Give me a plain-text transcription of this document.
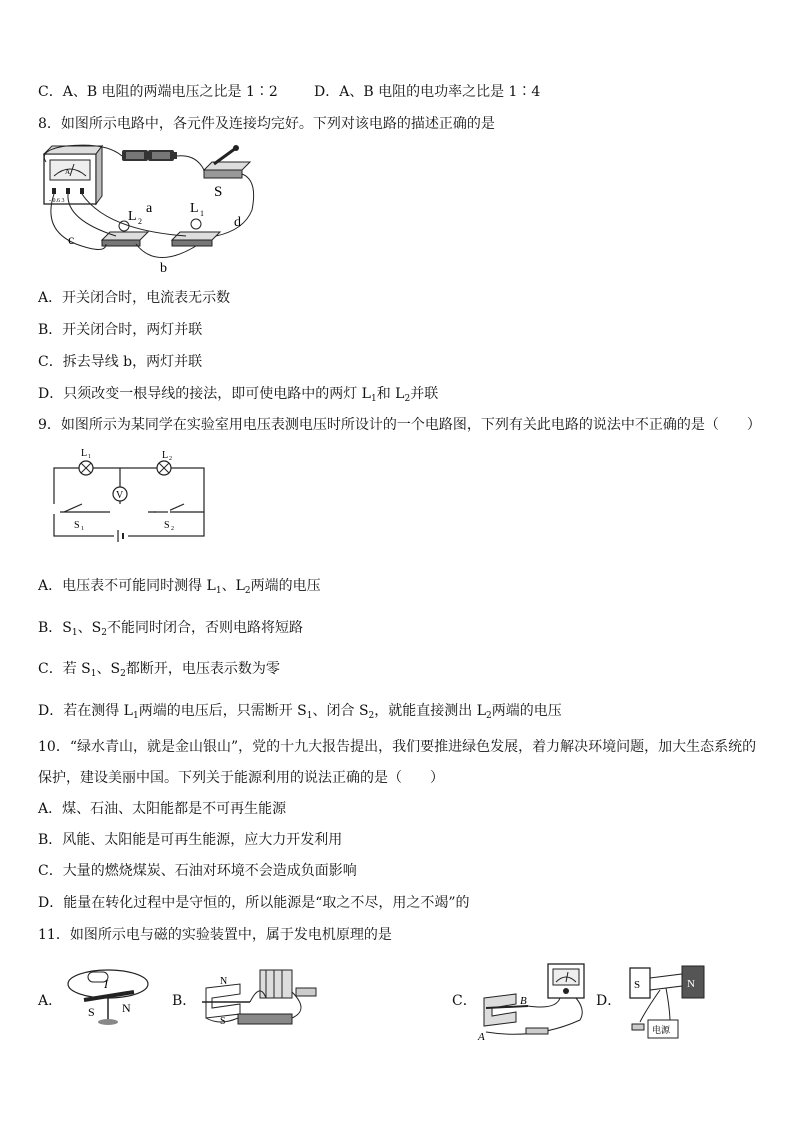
C．A、B 电阻的两端电压之比是 1∶2	D．A、B 电阻的电功率之比是 1∶4
8．如图所示电路中，各元件及连接均完好。下列对该电路的描述正确的是
A
- 0.6 3
S
L 2
L 1
a
b
c
d
A．开关闭合时，电流表无示数
B．开关闭合时，两灯并联
C．拆去导线 b，两灯并联
D．只须改变一根导线的接法，即可使电路中的两灯 $L_1$和 $L_2$并联
9．如图所示为某同学在实验室用电压表测电压时所设计的一个电路图，下列有关此电路的说法中不正确的是（　　）
L 1	L 2
V
S 1	S 2
A．电压表不可能同时测得 $L_1$、$L_2$两端的电压
B．$S_1$、$S_2$不能同时闭合，否则电路将短路
C．若 $S_1$、$S_2$都断开，电压表示数为零
D．若在测得 $L_1$两端的电压后，只需断开 $S_1$、闭合 $S_2$，就能直接测出 $L_2$两端的电压
10．“绿水青山，就是金山银山”，党的十九大报告提出，我们要推进绿色发展，着力解决环境问题，加大生态系统的
保护，建设美丽中国。下列关于能源利用的说法正确的是（　　）
A．煤、石油、太阳能都是不可再生能源
B．风能、太阳能是可再生能源，应大力开发利用
C．大量的燃烧煤炭、石油对环境不会造成负面影响
D．能量在转化过程中是守恒的，所以能源是“取之不尽，用之不竭”的
11．如图所示电与磁的实验装置中，属于发电机原理的是
A．
I
S N	B．
N
S
C．	B
A
D．
S	N
电源
